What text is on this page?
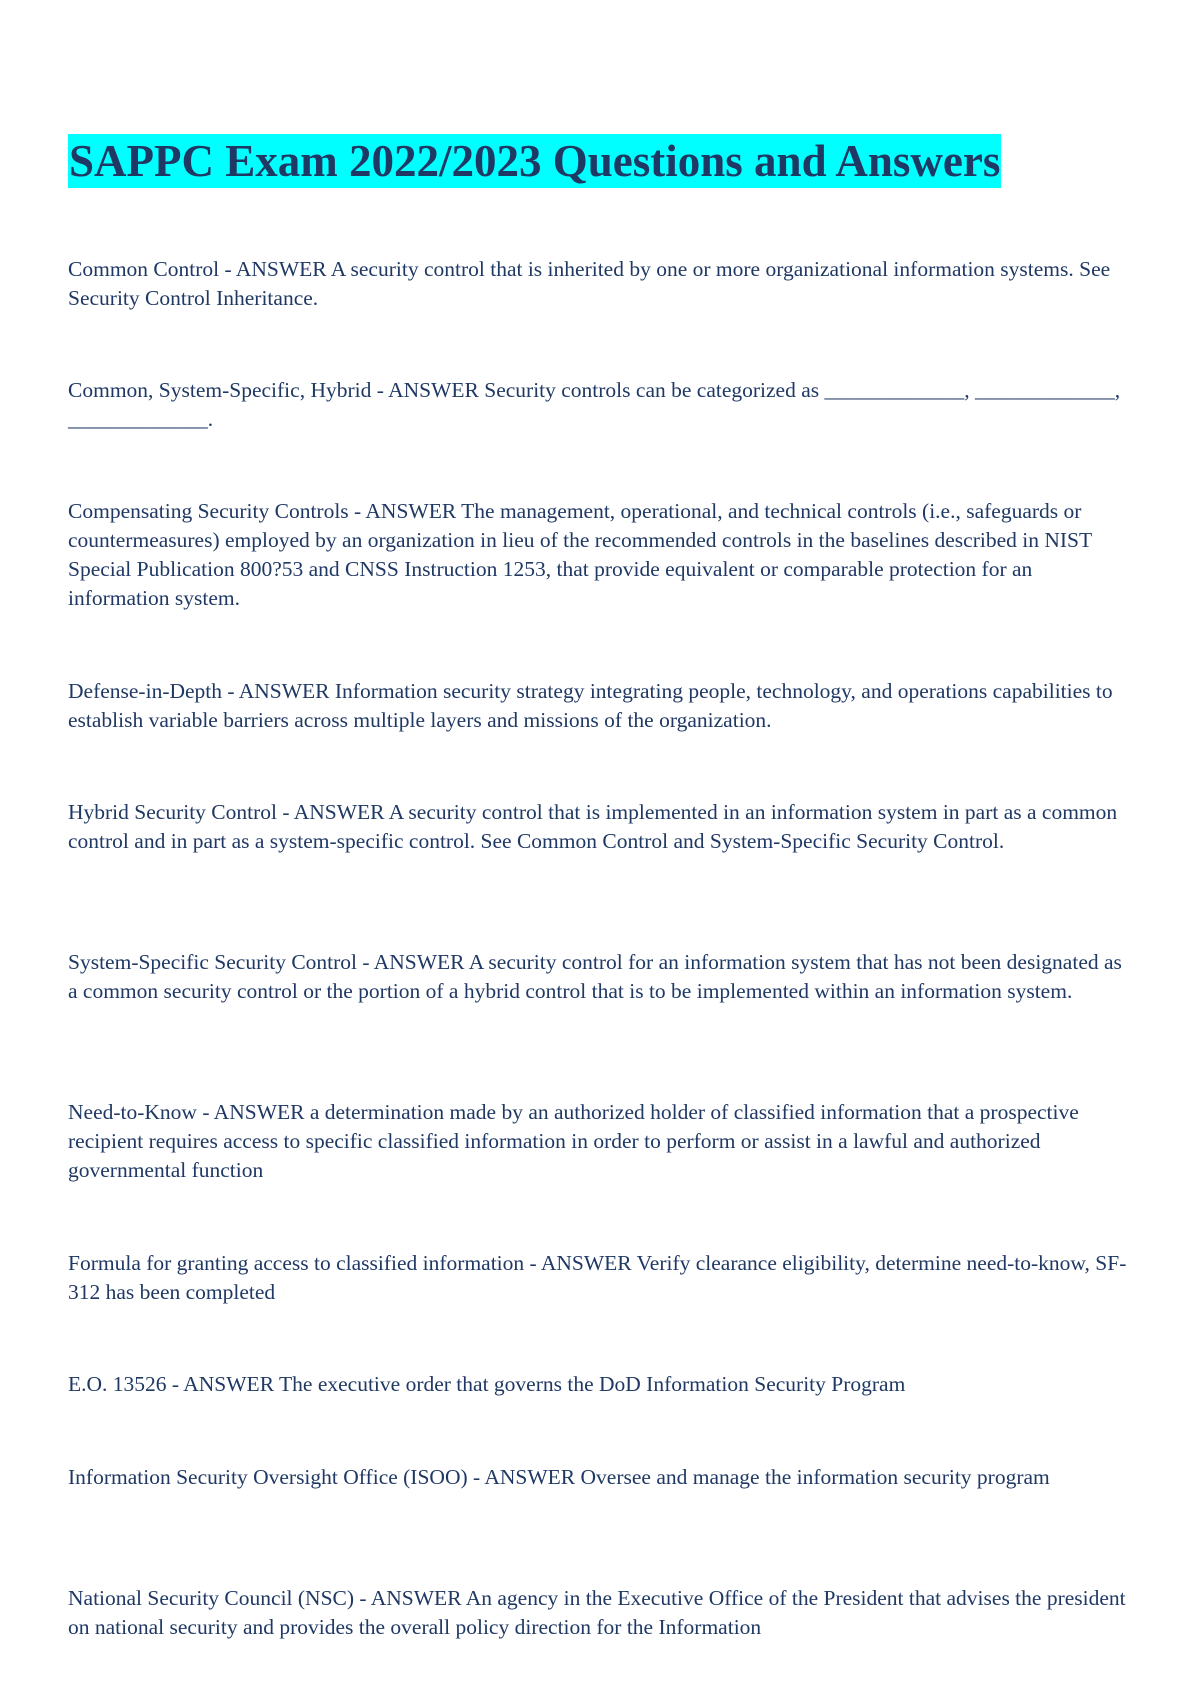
SAPPC Exam 2022/2023 Questions and Answers

Common Control - ANSWER A security control that is inherited by one or more organizational information systems. See Security Control Inheritance.

Common, System-Specific, Hybrid - ANSWER Security controls can be categorized as _____________, _____________, _____________.

Compensating Security Controls - ANSWER The management, operational, and technical controls (i.e., safeguards or countermeasures) employed by an organization in lieu of the recommended controls in the baselines described in NIST Special Publication 800?53 and CNSS Instruction 1253, that provide equivalent or comparable protection for an information system.

Defense-in-Depth - ANSWER Information security strategy integrating people, technology, and operations capabilities to establish variable barriers across multiple layers and missions of the organization.

Hybrid Security Control - ANSWER A security control that is implemented in an information system in part as a common control and in part as a system-specific control. See Common Control and System-Specific Security Control.

System-Specific Security Control - ANSWER A security control for an information system that has not been designated as a common security control or the portion of a hybrid control that is to be implemented within an information system.

Need-to-Know - ANSWER a determination made by an authorized holder of classified information that a prospective recipient requires access to specific classified information in order to perform or assist in a lawful and authorized governmental function

Formula for granting access to classified information - ANSWER Verify clearance eligibility, determine need-to-know, SF-312 has been completed

E.O. 13526 - ANSWER The executive order that governs the DoD Information Security Program

Information Security Oversight Office (ISOO) - ANSWER Oversee and manage the information security program

National Security Council (NSC) - ANSWER An agency in the Executive Office of the President that advises the president on national security and provides the overall policy direction for the Information
